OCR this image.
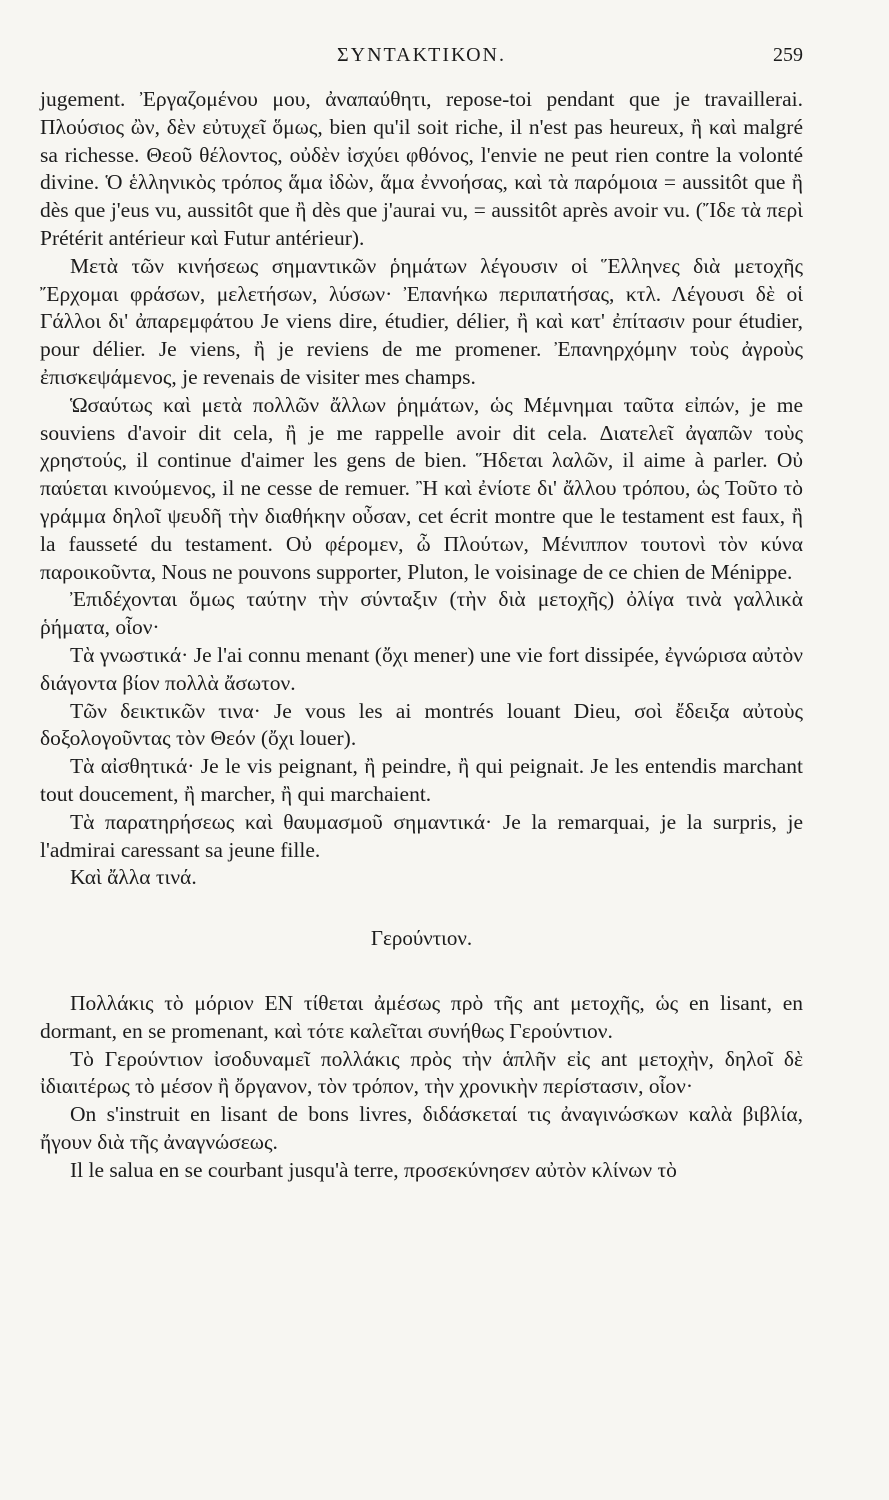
ΣΥΝΤΑΚΤΙΚΟΝ.	259

jugement. Ἐργαζομένου μου, ἀναπαύθητι, repose-toi pendant que je travaillerai. Πλούσιος ὢν, δὲν εὐτυχεῖ ὅμως, bien qu'il soit riche, il n'est pas heureux, ἢ καὶ malgré sa richesse. Θεοῦ θέλοντος, οὐδὲν ἰσχύει φθόνος, l'envie ne peut rien contre la volonté divine. Ὁ ἑλληνικὸς τρόπος ἅμα ἰδὼν, ἅμα ἐννοήσας, καὶ τὰ παρόμοια = aussitôt que ἢ dès que j'eus vu, aussitôt que ἢ dès que j'aurai vu, = aussitôt après avoir vu. (Ἴδε τὰ περὶ Prétérit antérieur καὶ Futur antérieur).

Μετὰ τῶν κινήσεως σημαντικῶν ῥημάτων λέγουσιν οἱ Ἕλληνες διὰ μετοχῆς Ἔρχομαι φράσων, μελετήσων, λύσων· Ἐπανήκω περιπατήσας, κτλ. Λέγουσι δὲ οἱ Γάλλοι δι' ἀπαρεμφάτου Je viens dire, étudier, délier, ἢ καὶ κατ' ἐπίτασιν pour étudier, pour délier. Je viens, ἢ je reviens de me promener. Ἐπανηρχόμην τοὺς ἀγροὺς ἐπισκεψάμενος, je revenais de visiter mes champs.

Ὡσαύτως καὶ μετὰ πολλῶν ἄλλων ῥημάτων, ὡς Μέμνημαι ταῦτα εἰπών, je me souviens d'avoir dit cela, ἢ je me rappelle avoir dit cela. Διατελεῖ ἀγαπῶν τοὺς χρηστούς, il continue d'aimer les gens de bien. Ἥδεται λαλῶν, il aime à parler. Οὐ παύεται κινούμενος, il ne cesse de remuer. Ἢ καὶ ἐνίοτε δι' ἄλλου τρόπου, ὡς Τοῦτο τὸ γράμμα δηλοῖ ψευδῆ τὴν διαθήκην οὖσαν, cet écrit montre que le testament est faux, ἢ la fausseté du testament. Οὐ φέρομεν, ὦ Πλούτων, Μένιππον τουτονὶ τὸν κύνα παροικοῦντα, Nous ne pouvons supporter, Pluton, le voisinage de ce chien de Ménippe.

Ἐπιδέχονται ὅμως ταύτην τὴν σύνταξιν (τὴν διὰ μετοχῆς) ὀλίγα τινὰ γαλλικὰ ῥήματα, οἷον·

Τὰ γνωστικά· Je l'ai connu menant (ὄχι mener) une vie fort dissipée, ἐγνώρισα αὐτὸν διάγοντα βίον πολλὰ ἄσωτον.

Τῶν δεικτικῶν τινα· Je vous les ai montrés louant Dieu, σοὶ ἔδειξα αὐτοὺς δοξολογοῦντας τὸν Θεόν (ὄχι louer).

Τὰ αἰσθητικά· Je le vis peignant, ἢ peindre, ἢ qui peignait. Je les entendis marchant tout doucement, ἢ marcher, ἢ qui marchaient.

Τὰ παρατηρήσεως καὶ θαυμασμοῦ σημαντικά· Je la remarquai, je la surpris, je l'admirai caressant sa jeune fille.

Καὶ ἄλλα τινά.

Γερούντιον.

Πολλάκις τὸ μόριον EN τίθεται ἀμέσως πρὸ τῆς ant μετοχῆς, ὡς en lisant, en dormant, en se promenant, καὶ τότε καλεῖται συνήθως Γερούντιον.

Τὸ Γερούντιον ἰσοδυναμεῖ πολλάκις πρὸς τὴν ἁπλῆν εἰς ant μετοχὴν, δηλοῖ δὲ ἰδιαιτέρως τὸ μέσον ἢ ὄργανον, τὸν τρόπον, τὴν χρονικὴν περίστασιν, οἷον·

On s'instruit en lisant de bons livres, διδάσκεταί τις ἀναγινώσκων καλὰ βιβλία, ἤγουν διὰ τῆς ἀναγνώσεως.

Il le salua en se courbant jusqu'à terre, προσεκύνησεν αὐτὸν κλίνων τὸ
